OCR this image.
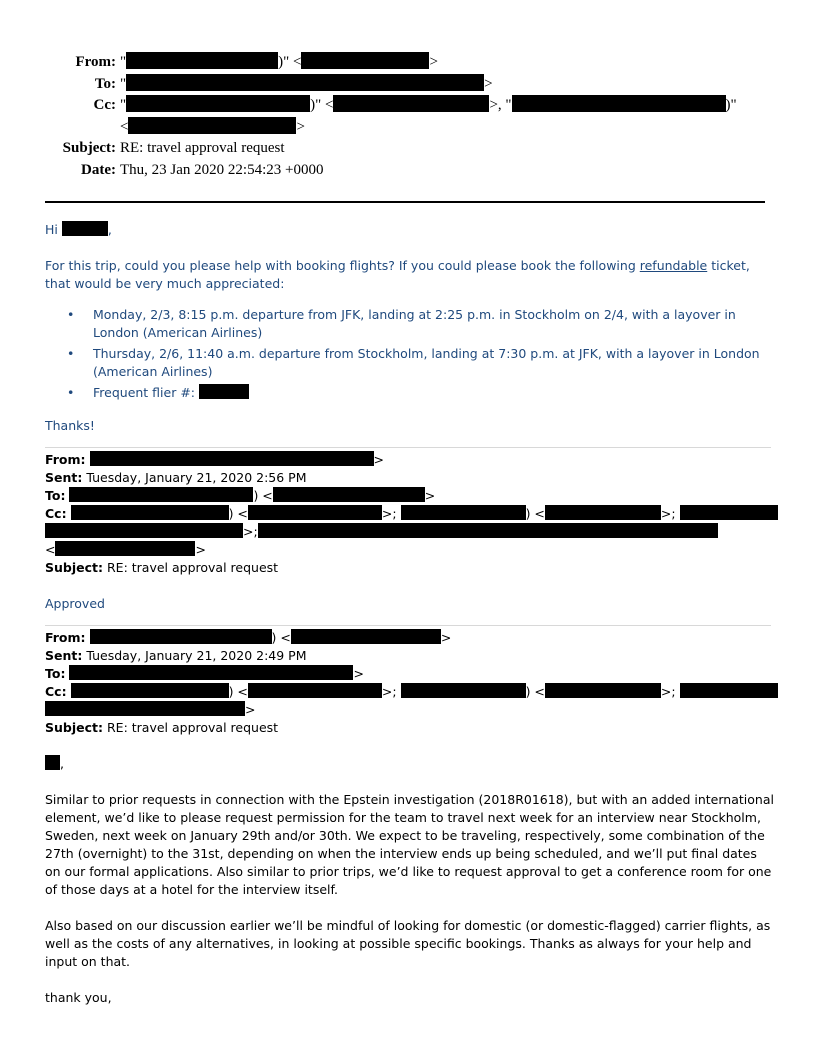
From: "	)" <	>
To: "	>
Cc: "	)" <	>, "	)"
<	>
Subject: RE: travel approval request
Date: Thu, 23 Jan 2020 22:54:23 +0000

Hi	,

For this trip, could you please help with booking flights? If you could please book the following refundable ticket, that would be very much appreciated:

• Monday, 2/3, 8:15 p.m. departure from JFK, landing at 2:25 p.m. in Stockholm on 2/4, with a layover in London (American Airlines)
• Thursday, 2/6, 11:40 a.m. departure from Stockholm, landing at 7:30 p.m. at JFK, with a layover in London (American Airlines)
• Frequent flier #:

Thanks!

From:	>
Sent: Tuesday, January 21, 2020 2:56 PM
To:	) <	>
Cc:	) <	>;	) <	>;
>;
<	>
Subject: RE: travel approval request

Approved

From:	) <	>
Sent: Tuesday, January 21, 2020 2:49 PM
To:	>
Cc:	) <	>;	) <	>;
>
Subject: RE: travel approval request

,

Similar to prior requests in connection with the Epstein investigation (2018R01618), but with an added international element, we’d like to please request permission for the team to travel next week for an interview near Stockholm, Sweden, next week on January 29th and/or 30th. We expect to be traveling, respectively, some combination of the 27th (overnight) to the 31st, depending on when the interview ends up being scheduled, and we’ll put final dates on our formal applications. Also similar to prior trips, we’d like to request approval to get a conference room for one of those days at a hotel for the interview itself.

Also based on our discussion earlier we’ll be mindful of looking for domestic (or domestic-flagged) carrier flights, as well as the costs of any alternatives, in looking at possible specific bookings. Thanks as always for your help and input on that.

thank you,
